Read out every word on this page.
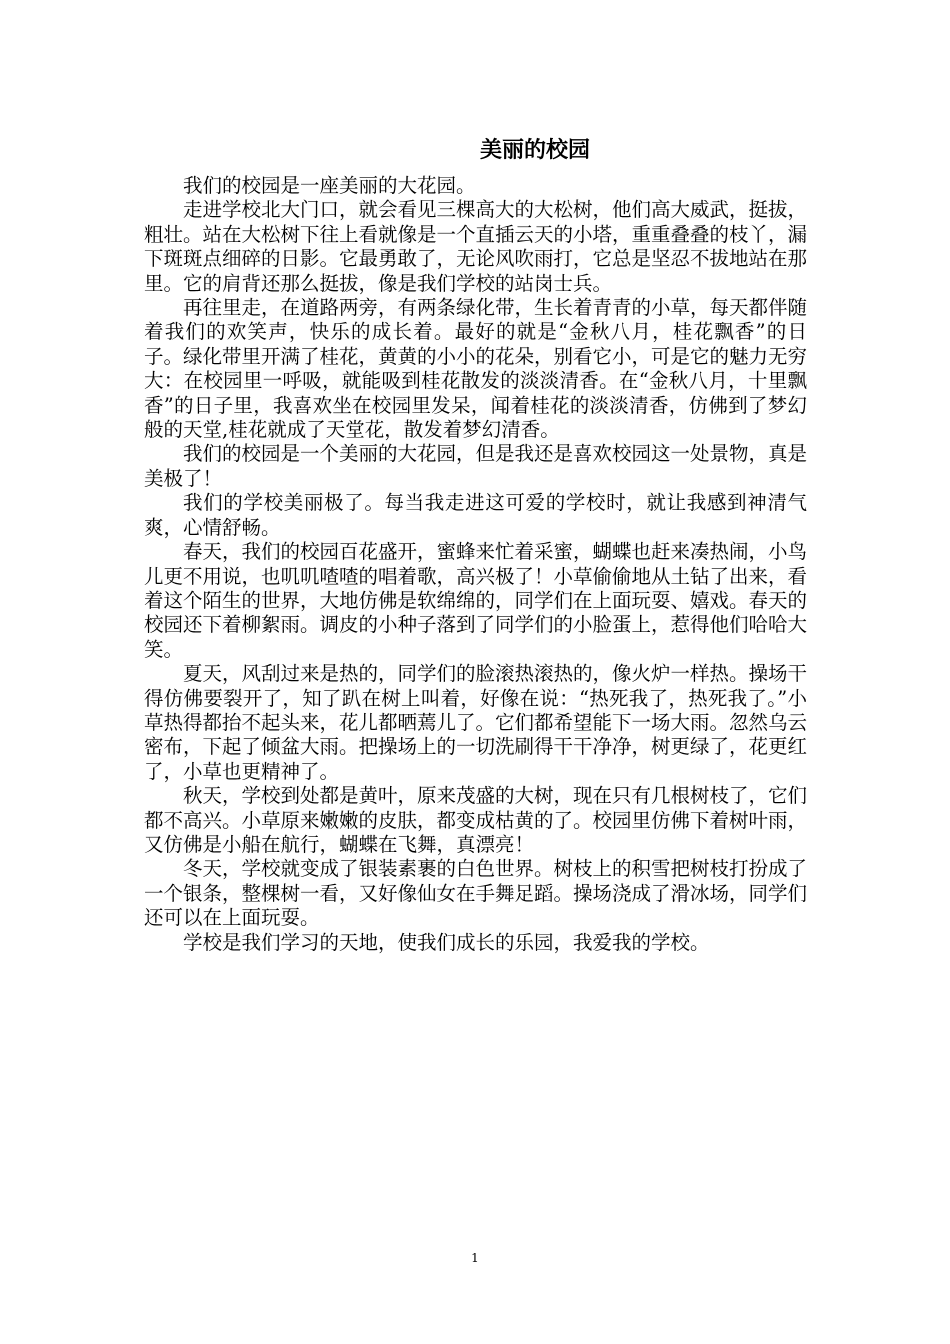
美丽的校园

我们的校园是一座美丽的大花园。

走进学校北大门口，就会看见三棵高大的大松树，他们高大威武，挺拔，粗壮。站在大松树下往上看就像是一个直插云天的小塔，重重叠叠的枝丫，漏下斑斑点细碎的日影。它最勇敢了，无论风吹雨打，它总是坚忍不拔地站在那里。它的肩背还那么挺拔，像是我们学校的站岗士兵。

再往里走，在道路两旁，有两条绿化带，生长着青青的小草，每天都伴随着我们的欢笑声，快乐的成长着。最好的就是“金秋八月，桂花飘香”的日子。绿化带里开满了桂花，黄黄的小小的花朵，别看它小，可是它的魅力无穷大：在校园里一呼吸，就能吸到桂花散发的淡淡清香。在“金秋八月，十里飘香”的日子里，我喜欢坐在校园里发呆，闻着桂花的淡淡清香，仿佛到了梦幻般的天堂,桂花就成了天堂花，散发着梦幻清香。

我们的校园是一个美丽的大花园，但是我还是喜欢校园这一处景物，真是美极了！

我们的学校美丽极了。每当我走进这可爱的学校时，就让我感到神清气爽，心情舒畅。

春天，我们的校园百花盛开，蜜蜂来忙着采蜜，蝴蝶也赶来凑热闹，小鸟儿更不用说，也叽叽喳喳的唱着歌，高兴极了！小草偷偷地从土钻了出来，看着这个陌生的世界，大地仿佛是软绵绵的，同学们在上面玩耍、嬉戏。春天的校园还下着柳絮雨。调皮的小种子落到了同学们的小脸蛋上，惹得他们哈哈大笑。

夏天，风刮过来是热的，同学们的脸滚热滚热的，像火炉一样热。操场干得仿佛要裂开了，知了趴在树上叫着，好像在说：“热死我了，热死我了。”小草热得都抬不起头来，花儿都晒蔫儿了。它们都希望能下一场大雨。忽然乌云密布，下起了倾盆大雨。把操场上的一切洗刷得干干净净，树更绿了，花更红了，小草也更精神了。

秋天，学校到处都是黄叶，原来茂盛的大树，现在只有几根树枝了，它们都不高兴。小草原来嫩嫩的皮肤，都变成枯黄的了。校园里仿佛下着树叶雨，又仿佛是小船在航行，蝴蝶在飞舞，真漂亮！

冬天，学校就变成了银装素裹的白色世界。树枝上的积雪把树枝打扮成了一个银条，整棵树一看，又好像仙女在手舞足蹈。操场浇成了滑冰场，同学们还可以在上面玩耍。

学校是我们学习的天地，使我们成长的乐园，我爱我的学校。

1
